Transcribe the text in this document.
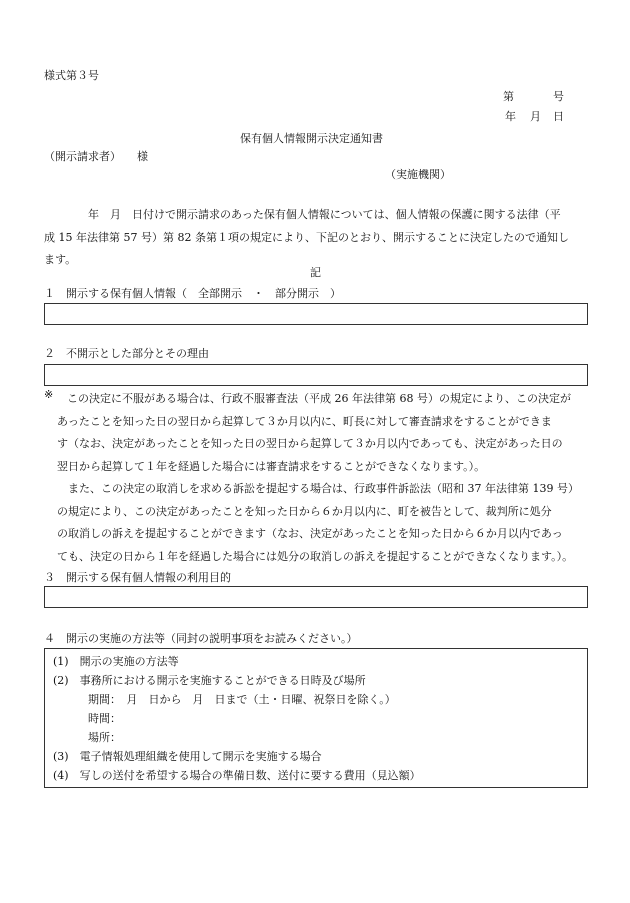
様式第３号
第	号
年 月 日
保有個人情報開示決定通知書
（開示請求者） 様
（実施機関）
　　　　年　月　日付けで開示請求のあった保有個人情報については、個人情報の保護に関する法律（平
成 15 年法律第 57 号）第 82 条第１項の規定により、下記のとおり、開示することに決定したので通知し
ます。
記
１　開示する保有個人情報（　全部開示　・　部分開示　）
２　不開示とした部分とその理由
※	この決定に不服がある場合は、行政不服審査法（平成 26 年法律第 68 号）の規定により、この決定が
あったことを知った日の翌日から起算して３か月以内に、町長に対して審査請求をすることができま
す（なお、決定があったことを知った日の翌日から起算して３か月以内であっても、決定があった日の
翌日から起算して１年を経過した場合には審査請求をすることができなくなります。）。
　また、この決定の取消しを求める訴訟を提起する場合は、行政事件訴訟法（昭和 37 年法律第 139 号）
の規定により、この決定があったことを知った日から６か月以内に、町を被告として、裁判所に処分
の取消しの訴えを提起することができます（なお、決定があったことを知った日から６か月以内であっ
ても、決定の日から１年を経過した場合には処分の取消しの訴えを提起することができなくなります。）。
３　開示する保有個人情報の利用目的
４　開示の実施の方法等（同封の説明事項をお読みください。）
(1)　開示の実施の方法等
(2)　事務所における開示を実施することができる日時及び場所
期間：　月　日から　月　日まで（土・日曜、祝祭日を除く。）
時間：
場所：
(3)　電子情報処理組織を使用して開示を実施する場合
(4)　写しの送付を希望する場合の準備日数、送付に要する費用（見込額）
